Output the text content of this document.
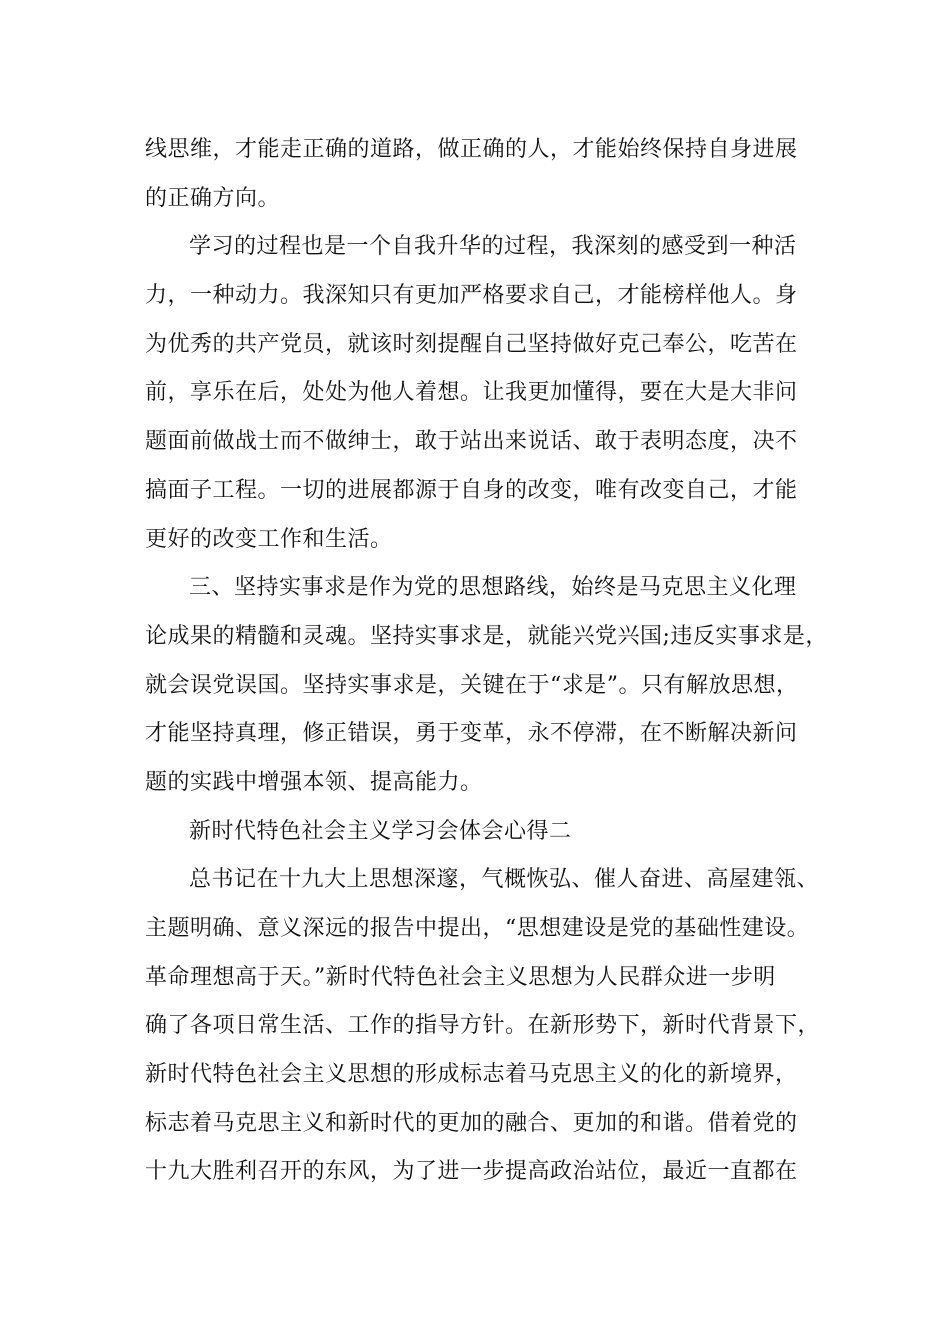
线思维，才能走正确的道路，做正确的人，才能始终保持自身进展
的正确方向。
学习的过程也是一个自我升华的过程，我深刻的感受到一种活
力，一种动力。我深知只有更加严格要求自己，才能榜样他人。身
为优秀的共产党员，就该时刻提醒自己坚持做好克己奉公，吃苦在
前，享乐在后，处处为他人着想。让我更加懂得，要在大是大非问
题面前做战士而不做绅士，敢于站出来说话、敢于表明态度，决不
搞面子工程。一切的进展都源于自身的改变，唯有改变自己，才能
更好的改变工作和生活。
三、坚持实事求是作为党的思想路线，始终是马克思主义化理
论成果的精髓和灵魂。坚持实事求是，就能兴党兴国;违反实事求是，
就会误党误国。坚持实事求是，关键在于“求是”。只有解放思想，
才能坚持真理，修正错误，勇于变革，永不停滞，在不断解决新问
题的实践中增强本领、提高能力。
新时代特色社会主义学习会体会心得二
总书记在十九大上思想深邃，气概恢弘、催人奋进、高屋建瓴、
主题明确、意义深远的报告中提出，“思想建设是党的基础性建设。
革命理想高于天。”新时代特色社会主义思想为人民群众进一步明
确了各项日常生活、工作的指导方针。在新形势下，新时代背景下，
新时代特色社会主义思想的形成标志着马克思主义的化的新境界，
标志着马克思主义和新时代的更加的融合、更加的和谐。借着党的
十九大胜利召开的东风，为了进一步提高政治站位，最近一直都在
